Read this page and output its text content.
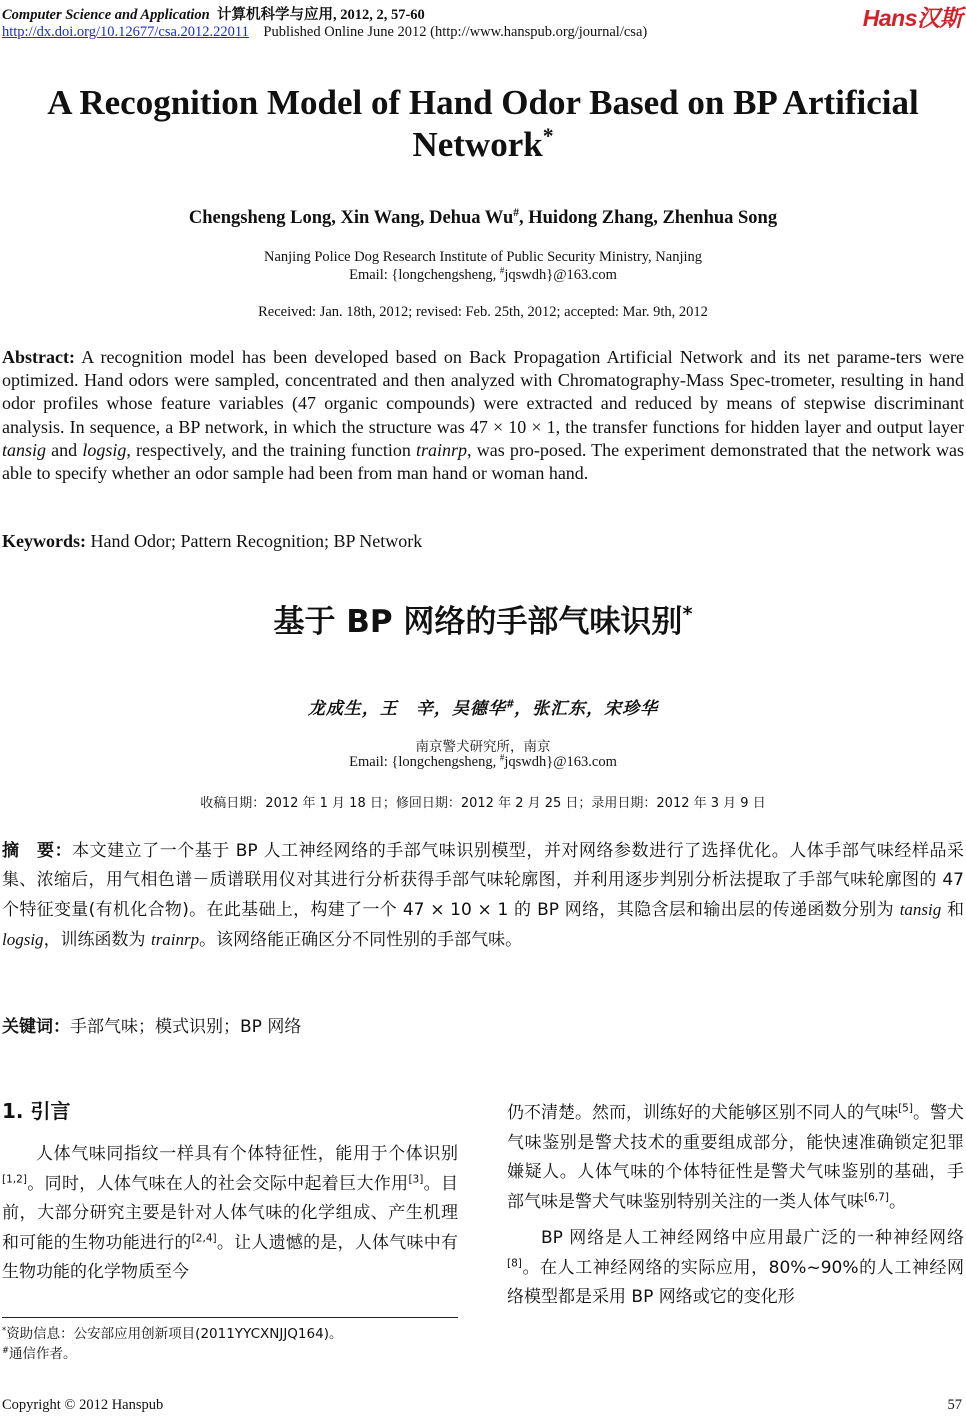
Computer Science and Application 计算机科学与应用, 2012, 2, 57-60
http://dx.doi.org/10.12677/csa.2012.22011 Published Online June 2012 (http://www.hanspub.org/journal/csa)
Hans汉斯
A Recognition Model of Hand Odor Based on BP Artificial
Network*
Chengsheng Long, Xin Wang, Dehua Wu#, Huidong Zhang, Zhenhua Song
Nanjing Police Dog Research Institute of Public Security Ministry, Nanjing
Email: {longchengsheng, #jqswdh}@163.com
Received: Jan. 18th, 2012; revised: Feb. 25th, 2012; accepted: Mar. 9th, 2012
Abstract: A recognition model has been developed based on Back Propagation Artificial Network and its net parame-ters were optimized. Hand odors were sampled, concentrated and then analyzed with Chromatography-Mass Spec-trometer, resulting in hand odor profiles whose feature variables (47 organic compounds) were extracted and reduced by means of stepwise discriminant analysis. In sequence, a BP network, in which the structure was 47 × 10 × 1, the transfer functions for hidden layer and output layer tansig and logsig, respectively, and the training function trainrp, was pro-posed. The experiment demonstrated that the network was able to specify whether an odor sample had been from man hand or woman hand.
Keywords: Hand Odor; Pattern Recognition; BP Network
基于 BP 网络的手部气味识别*
龙成生，王　辛，吴德华#，张汇东，宋珍华
南京警犬研究所，南京
Email: {longchengsheng, #jqswdh}@163.com
收稿日期：2012 年 1 月 18 日；修回日期：2012 年 2 月 25 日；录用日期：2012 年 3 月 9 日
摘　要：本文建立了一个基于 BP 人工神经网络的手部气味识别模型，并对网络参数进行了选择优化。人体手部气味经样品采集、浓缩后，用气相色谱－质谱联用仪对其进行分析获得手部气味轮廓图，并利用逐步判别分析法提取了手部气味轮廓图的 47 个特征变量(有机化合物)。在此基础上，构建了一个 47 × 10 × 1 的 BP 网络，其隐含层和输出层的传递函数分别为 tansig 和 logsig，训练函数为 trainrp。该网络能正确区分不同性别的手部气味。
关键词：手部气味；模式识别；BP 网络
1. 引言

人体气味同指纹一样具有个体特征性，能用于个体识别[1,2]。同时，人体气味在人的社会交际中起着巨大作用[3]。目前，大部分研究主要是针对人体气味的化学组成、产生机理和可能的生物功能进行的[2,4]。让人遗憾的是，人体气味中有生物功能的化学物质至今

仍不清楚。然而，训练好的犬能够区别不同人的气味[5]。警犬气味鉴别是警犬技术的重要组成部分，能快速准确锁定犯罪嫌疑人。人体气味的个体特征性是警犬气味鉴别的基础，手部气味是警犬气味鉴别特别关注的一类人体气味[6,7]。

BP 网络是人工神经网络中应用最广泛的一种神经网络[8]。在人工神经网络的实际应用，80%~90%的人工神经网络模型都是采用 BP 网络或它的变化形

*资助信息：公安部应用创新项目(2011YYCXNJJQ164)。
#通信作者。
Copyright © 2012 Hanspub	57
